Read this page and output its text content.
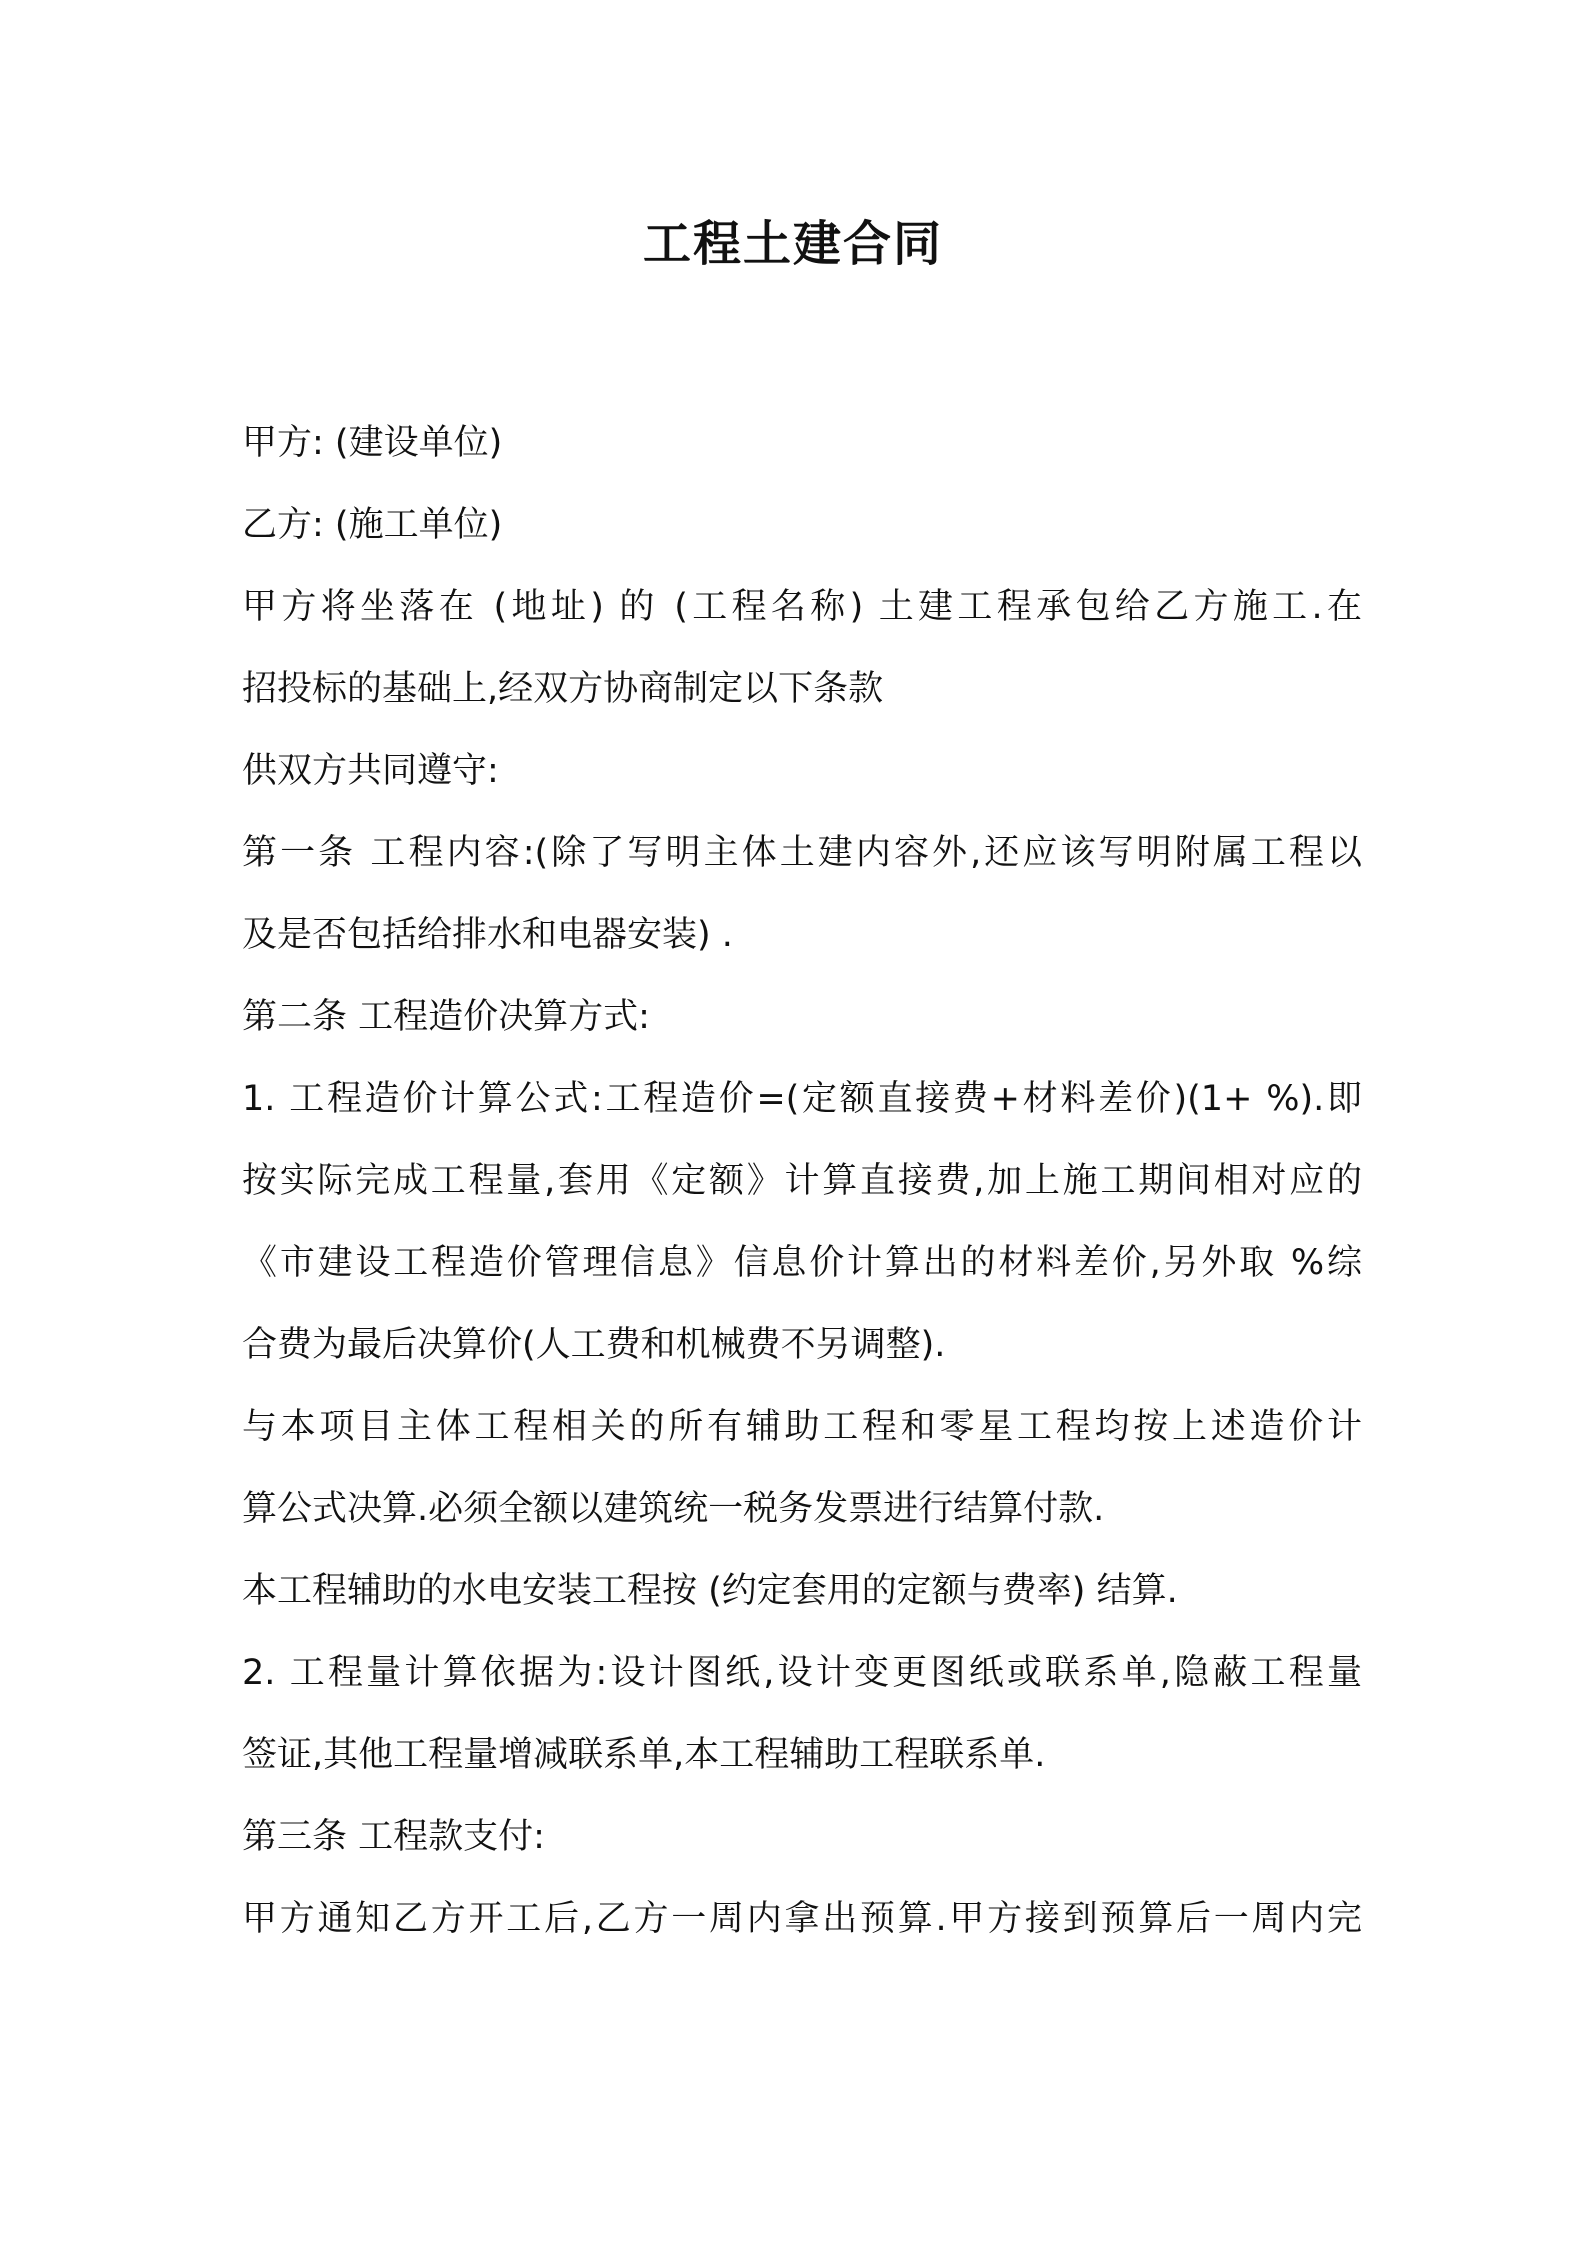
工程土建合同
甲方: (建设单位)
乙方: (施工单位)
甲方将坐落在 (地址) 的 (工程名称) 土建工程承包给乙方施工.在
招投标的基础上,经双方协商制定以下条款
供双方共同遵守:
第一条 工程内容:(除了写明主体土建内容外,还应该写明附属工程以
及是否包括给排水和电器安装) .
第二条 工程造价决算方式:
1. 工程造价计算公式:工程造价=(定额直接费+材料差价)(1+ %).即
按实际完成工程量,套用《定额》计算直接费,加上施工期间相对应的
《市建设工程造价管理信息》信息价计算出的材料差价,另外取 %综
合费为最后决算价(人工费和机械费不另调整).
与本项目主体工程相关的所有辅助工程和零星工程均按上述造价计
算公式决算.必须全额以建筑统一税务发票进行结算付款.
本工程辅助的水电安装工程按 (约定套用的定额与费率) 结算.
2. 工程量计算依据为:设计图纸,设计变更图纸或联系单,隐蔽工程量
签证,其他工程量增减联系单,本工程辅助工程联系单.
第三条 工程款支付:
甲方通知乙方开工后,乙方一周内拿出预算.甲方接到预算后一周内完
